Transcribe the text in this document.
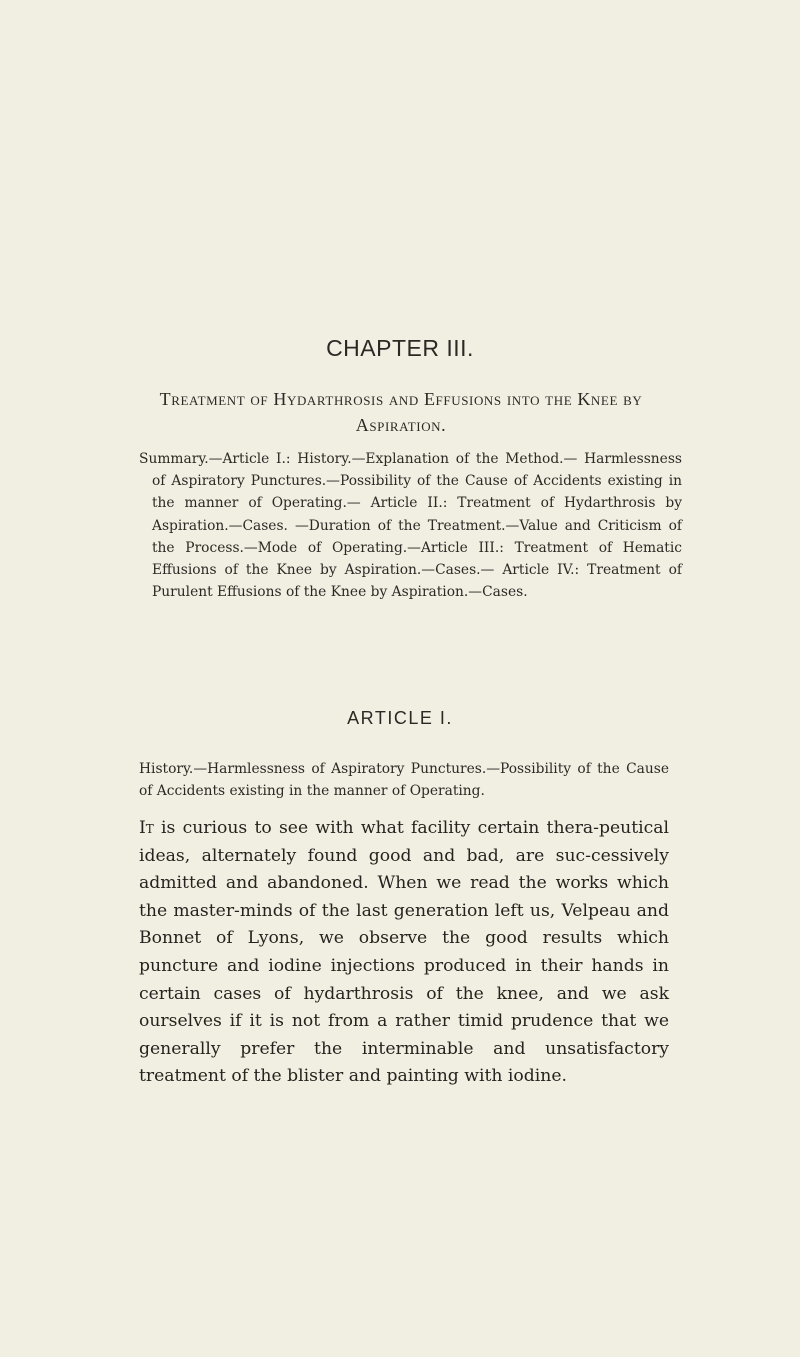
CHAPTER III.
Treatment of Hydarthrosis and Effusions into the Knee by Aspiration.
Summary.—Article I.: History.—Explanation of the Method.— Harmlessness of Aspiratory Punctures.—Possibility of the Cause of Accidents existing in the manner of Operating.— Article II.: Treatment of Hydarthrosis by Aspiration.—Cases. —Duration of the Treatment.—Value and Criticism of the Process.—Mode of Operating.—Article III.: Treatment of Hematic Effusions of the Knee by Aspiration.—Cases.— Article IV.: Treatment of Purulent Effusions of the Knee by Aspiration.—Cases.
ARTICLE I.
History.—Harmlessness of Aspiratory Punctures.—Possibility of the Cause of Accidents existing in the manner of Operating.
It is curious to see with what facility certain thera-peutical ideas, alternately found good and bad, are suc-cessively admitted and abandoned. When we read the works which the master-minds of the last generation left us, Velpeau and Bonnet of Lyons, we observe the good results which puncture and iodine injections produced in their hands in certain cases of hydarthrosis of the knee, and we ask ourselves if it is not from a rather timid prudence that we generally prefer the interminable and unsatisfactory treatment of the blister and painting with iodine.
